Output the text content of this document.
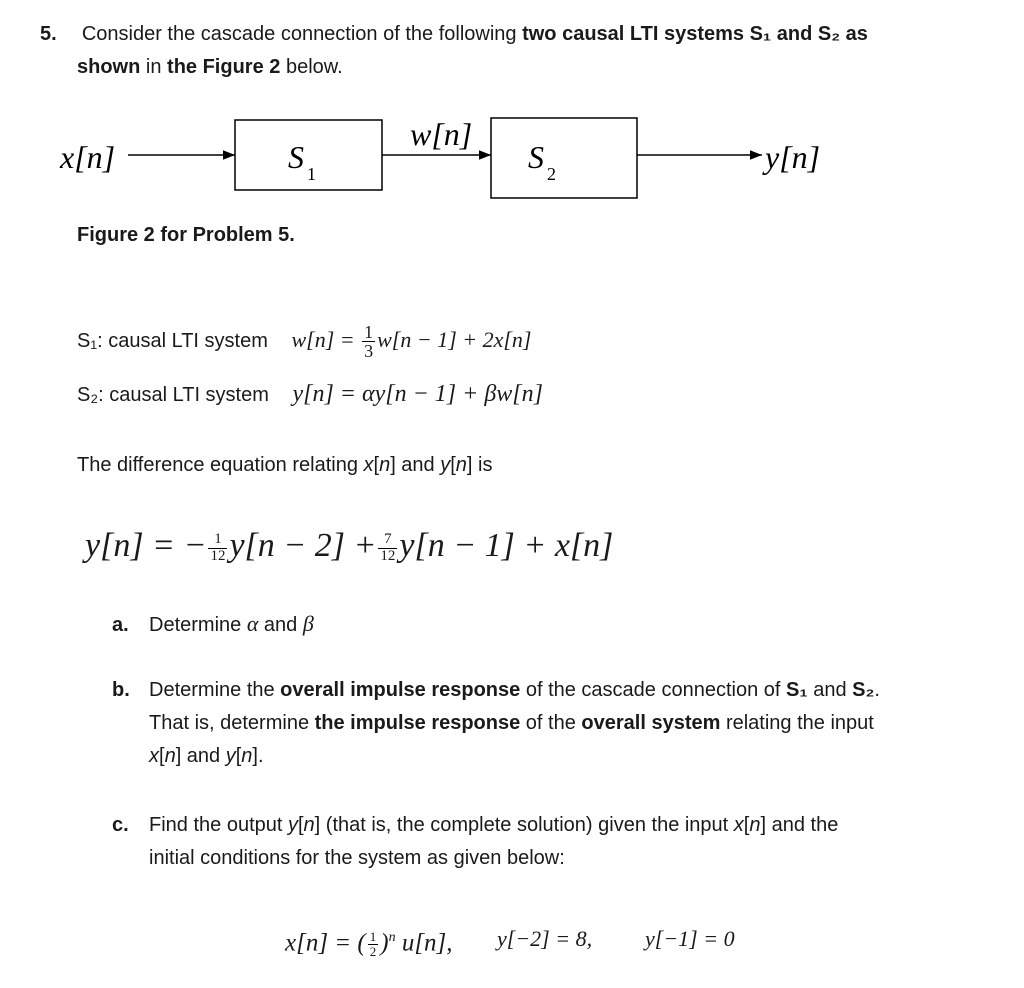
5. Consider the cascade connection of the following two causal LTI systems S₁ and S₂ as
shown in the Figure 2 below.
x[n]	S 1
w[n]
S 2	y[n]
Figure 2 for Problem 5.
S₁: causal LTI system $w[n] = \frac{1}{3} w[n - 1] + 2x[n]$
S₂: causal LTI system y[n] = αy[n − 1] + βw[n]
The difference equation relating x[n] and y[n] is
y[n] = − $\frac{1}{12} y[n - 2] + \frac{7}{12} y[n - 1] + x[n]$
a. Determine α and β
b. Determine the overall impulse response of the cascade connection of S₁ and S₂.
That is, determine the impulse response of the overall system relating the input
x[n] and y[n].
c. Find the output y[n] (that is, the complete solution) given the input x[n] and the
initial conditions for the system as given below:
x[n] = ( $\frac{1}{2} )^n$ u[n], y[−2] = 8, y[−1] = 0
